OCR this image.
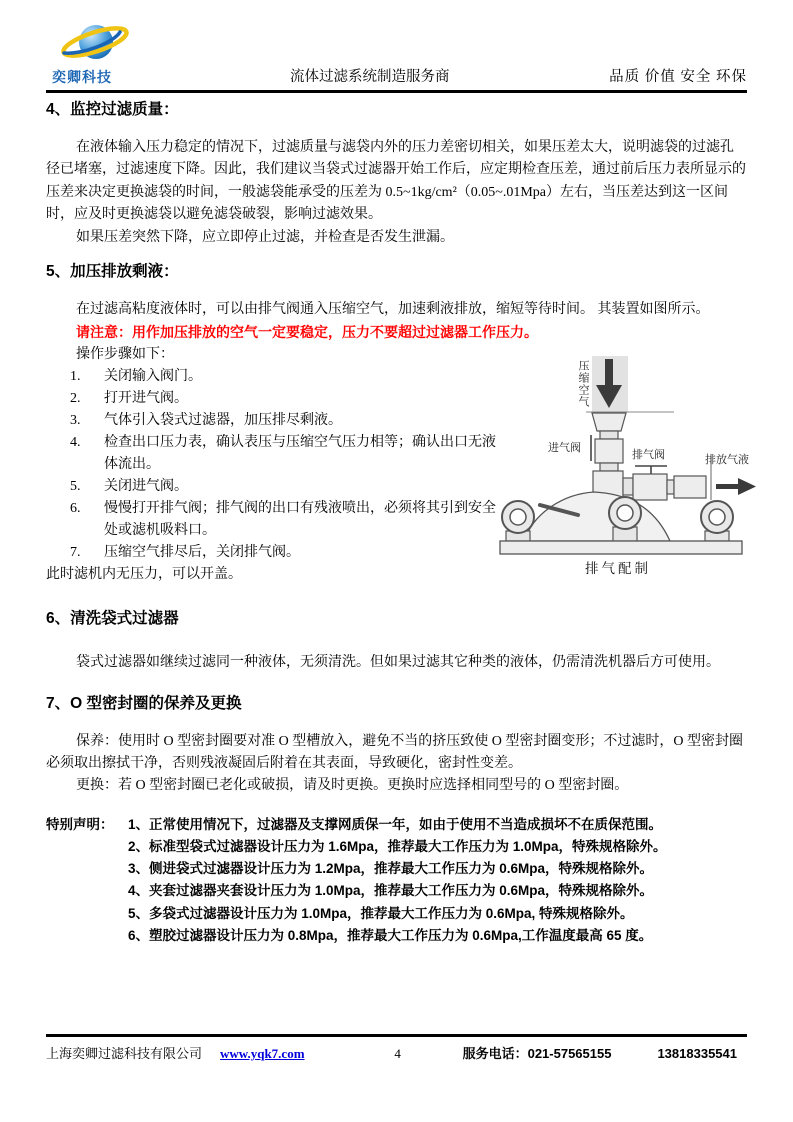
奕卿科技	流体过滤系统制造服务商	品质 价值 安全 环保
4、监控过滤质量：

在液体输入压力稳定的情况下，过滤质量与滤袋内外的压力差密切相关，如果压差太大，说明滤袋的过滤孔径已堵塞，过滤速度下降。因此，我们建议当袋式过滤器开始工作后，应定期检查压差，通过前后压力表所显示的压差来决定更换滤袋的时间，一般滤袋能承受的压差为 0.5~1kg/cm²（0.05~.01Mpa）左右，当压差达到这一区间时，应及时更换滤袋以避免滤袋破裂，影响过滤效果。

如果压差突然下降，应立即停止过滤，并检查是否发生泄漏。

5、加压排放剩液：

在过滤高粘度液体时，可以由排气阀通入压缩空气，加速剩液排放，缩短等待时间。 其装置如图所示。

请注意：用作加压排放的空气一定要稳定，压力不要超过过滤器工作压力。

操作步骤如下：

1.	关闭输入阀门。
2.	打开进气阀。
3.	气体引入袋式过滤器，加压排尽剩液。
4.	检查出口压力表，确认表压与压缩空气压力相等；确认出口无液体流出。
5.	关闭进气阀。
6.	慢慢打开排气阀；排气阀的出口有残液喷出，必须将其引到安全处或滤机吸料口。
7.	压缩空气排尽后，关闭排气阀。

此时滤机内无压力，可以开盖。

6、清洗袋式过滤器

袋式过滤器如继续过滤同一种液体，无须清洗。但如果过滤其它种类的液体，仍需清洗机器后方可使用。

7、O 型密封圈的保养及更换

保养：使用时 O 型密封圈要对准 O 型槽放入，避免不当的挤压致使 O 型密封圈变形；不过滤时，O 型密封圈必须取出擦拭干净，否则残液凝固后附着在其表面，导致硬化，密封性变差。

更换：若 O 型密封圈已老化或破损，请及时更换。更换时应选择相同型号的 O 型密封圈。

特别声明：	1、正常使用情况下，过滤器及支撑网质保一年，如由于使用不当造成损坏不在质保范围。
2、标准型袋式过滤器设计压力为 1.6Mpa，推荐最大工作压力为 1.0Mpa，特殊规格除外。
3、侧进袋式过滤器设计压力为 1.2Mpa，推荐最大工作压力为 0.6Mpa，特殊规格除外。
4、夹套过滤器夹套设计压力为 1.0Mpa，推荐最大工作压力为 0.6Mpa，特殊规格除外。
5、多袋式过滤器设计压力为 1.0Mpa，推荐最大工作压力为 0.6Mpa, 特殊规格除外。
6、塑胶过滤器设计压力为 0.8Mpa，推荐最大工作压力为 0.6Mpa,工作温度最高 65 度。
压缩空气
进气阀
排气阀	排放气液
排气配制
上海奕卿过滤科技有限公司 www.yqk7.com	4	服务电话：021-57565155	13818335541
